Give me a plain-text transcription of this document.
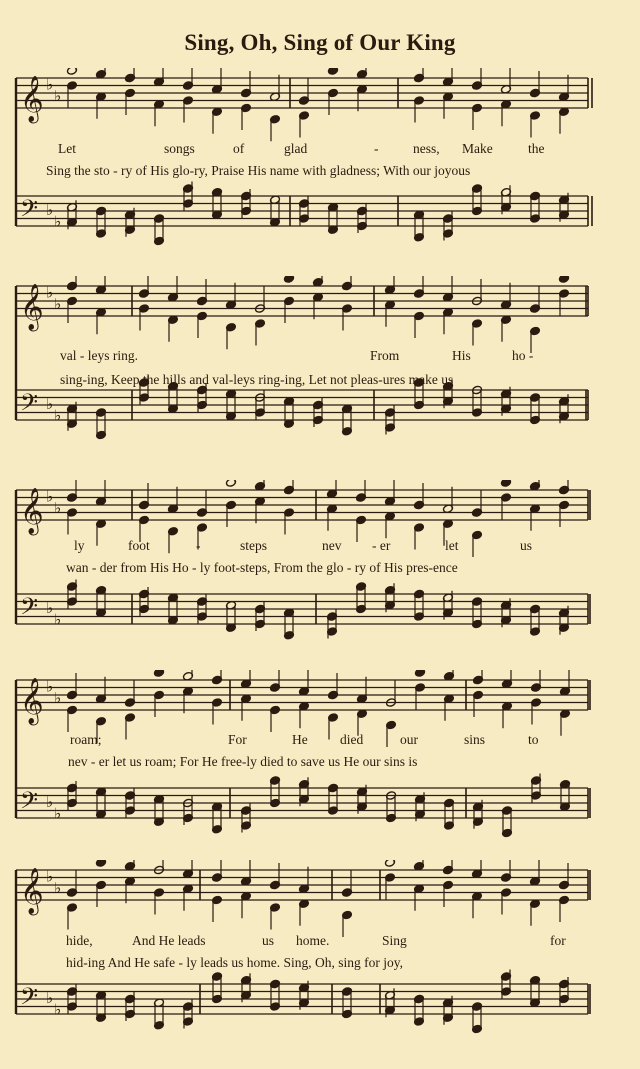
Sing, Oh, Sing of Our King
𝄞 ♭
♭
𝄢 ♭
♭
Let	songs	of	glad	-	ness, Make	the
Sing the sto - ry of His glo-ry, Praise His name with gladness; With our joyous
𝄞 ♭
♭
𝄢 ♭
♭
val - leys ring.	From	His	ho -
sing-ing, Keep the hills and val-leys ring-ing, Let not pleas-ures make us
𝄞 ♭
♭
𝄢 ♭
♭
ly	foot	-	steps	nev - er	let	us
wan - der from His Ho - ly foot-steps, From the glo - ry of His pres-ence
𝄞 ♭
♭
𝄢 ♭
♭
roam;	For	He died	our	sins	to
nev - er let us roam; For He free-ly died to save us He our sins is
𝄞 ♭
♭
𝄢 ♭
♭
hide,	And He leads	us home.	Sing	for
hid-ing And He safe - ly leads us home. Sing, Oh, sing for joy,
